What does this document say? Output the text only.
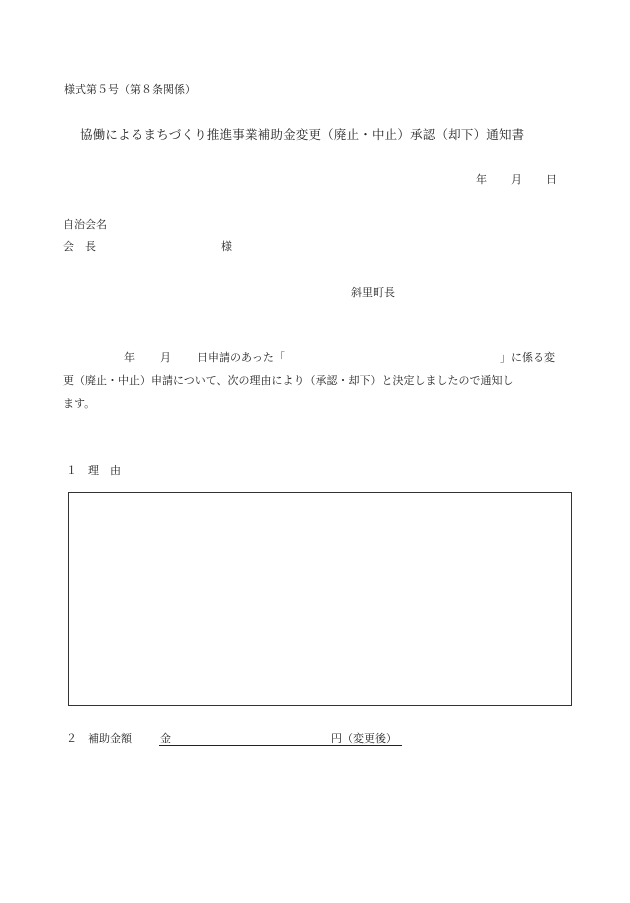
様式第５号（第８条関係）
協働によるまちづくり推進事業補助金変更（廃止・中止）承認（却下）通知書
年 月 日
自治会名
会　長	様
斜里町長
年 月 日申請のあった「	」に係る変
更（廃止・中止）申請について、次の理由により（承認・却下）と決定しましたので通知し
ます。
１　理　由
２　補助金額	金	円（変更後）
